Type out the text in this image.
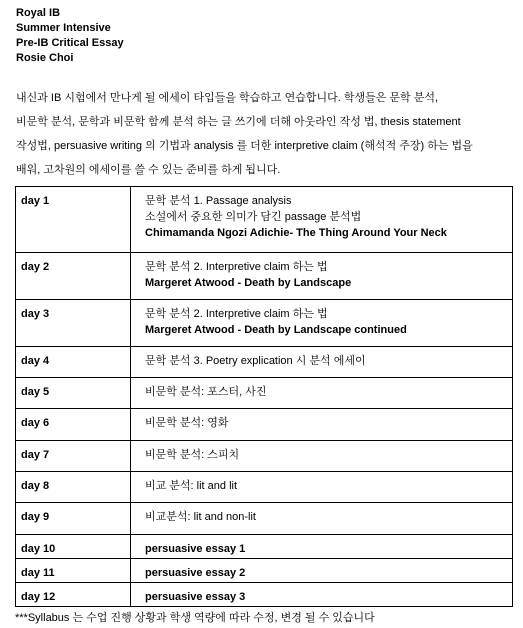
Royal IB
Summer Intensive
Pre-IB Critical Essay
Rosie Choi
내신과 IB 시험에서 만나게 될 에세이 타입들을 학습하고 연습합니다. 학생들은 문학 분석,
비문학 분석, 문학과 비문학 함께 분석 하는 글 쓰기에 더해 아웃라인 작성 법, thesis statement
작성법, persuasive writing 의 기법과 analysis 를 더한 interpretive claim (해석적 주장) 하는 법을
배워, 고차원의 에세이를 쓸 수 있는 준비를 하게 됩니다.
day 1	문학 분석 1. Passage analysis
소설에서 중요한 의미가 담긴 passage 분석법
Chimamanda Ngozi Adichie- The Thing Around Your Neck

day 2	문학 분석 2. Interpretive claim 하는 법
Margeret Atwood - Death by Landscape

day 3	문학 분석 2. Interpretive claim 하는 법
Margeret Atwood - Death by Landscape continued

day 4	문학 분석 3. Poetry explication 시 분석 에세이

day 5	비문학 분석: 포스터, 사진

day 6	비문학 분석: 영화

day 7	비문학 분석: 스피치

day 8	비교 분석: lit and lit

day 9	비교분석: lit and non-lit

day 10	persuasive essay 1

day 11	persuasive essay 2

day 12	persuasive essay 3
***Syllabus 는 수업 진행 상황과 학생 역량에 따라 수정, 변경 될 수 있습니다
